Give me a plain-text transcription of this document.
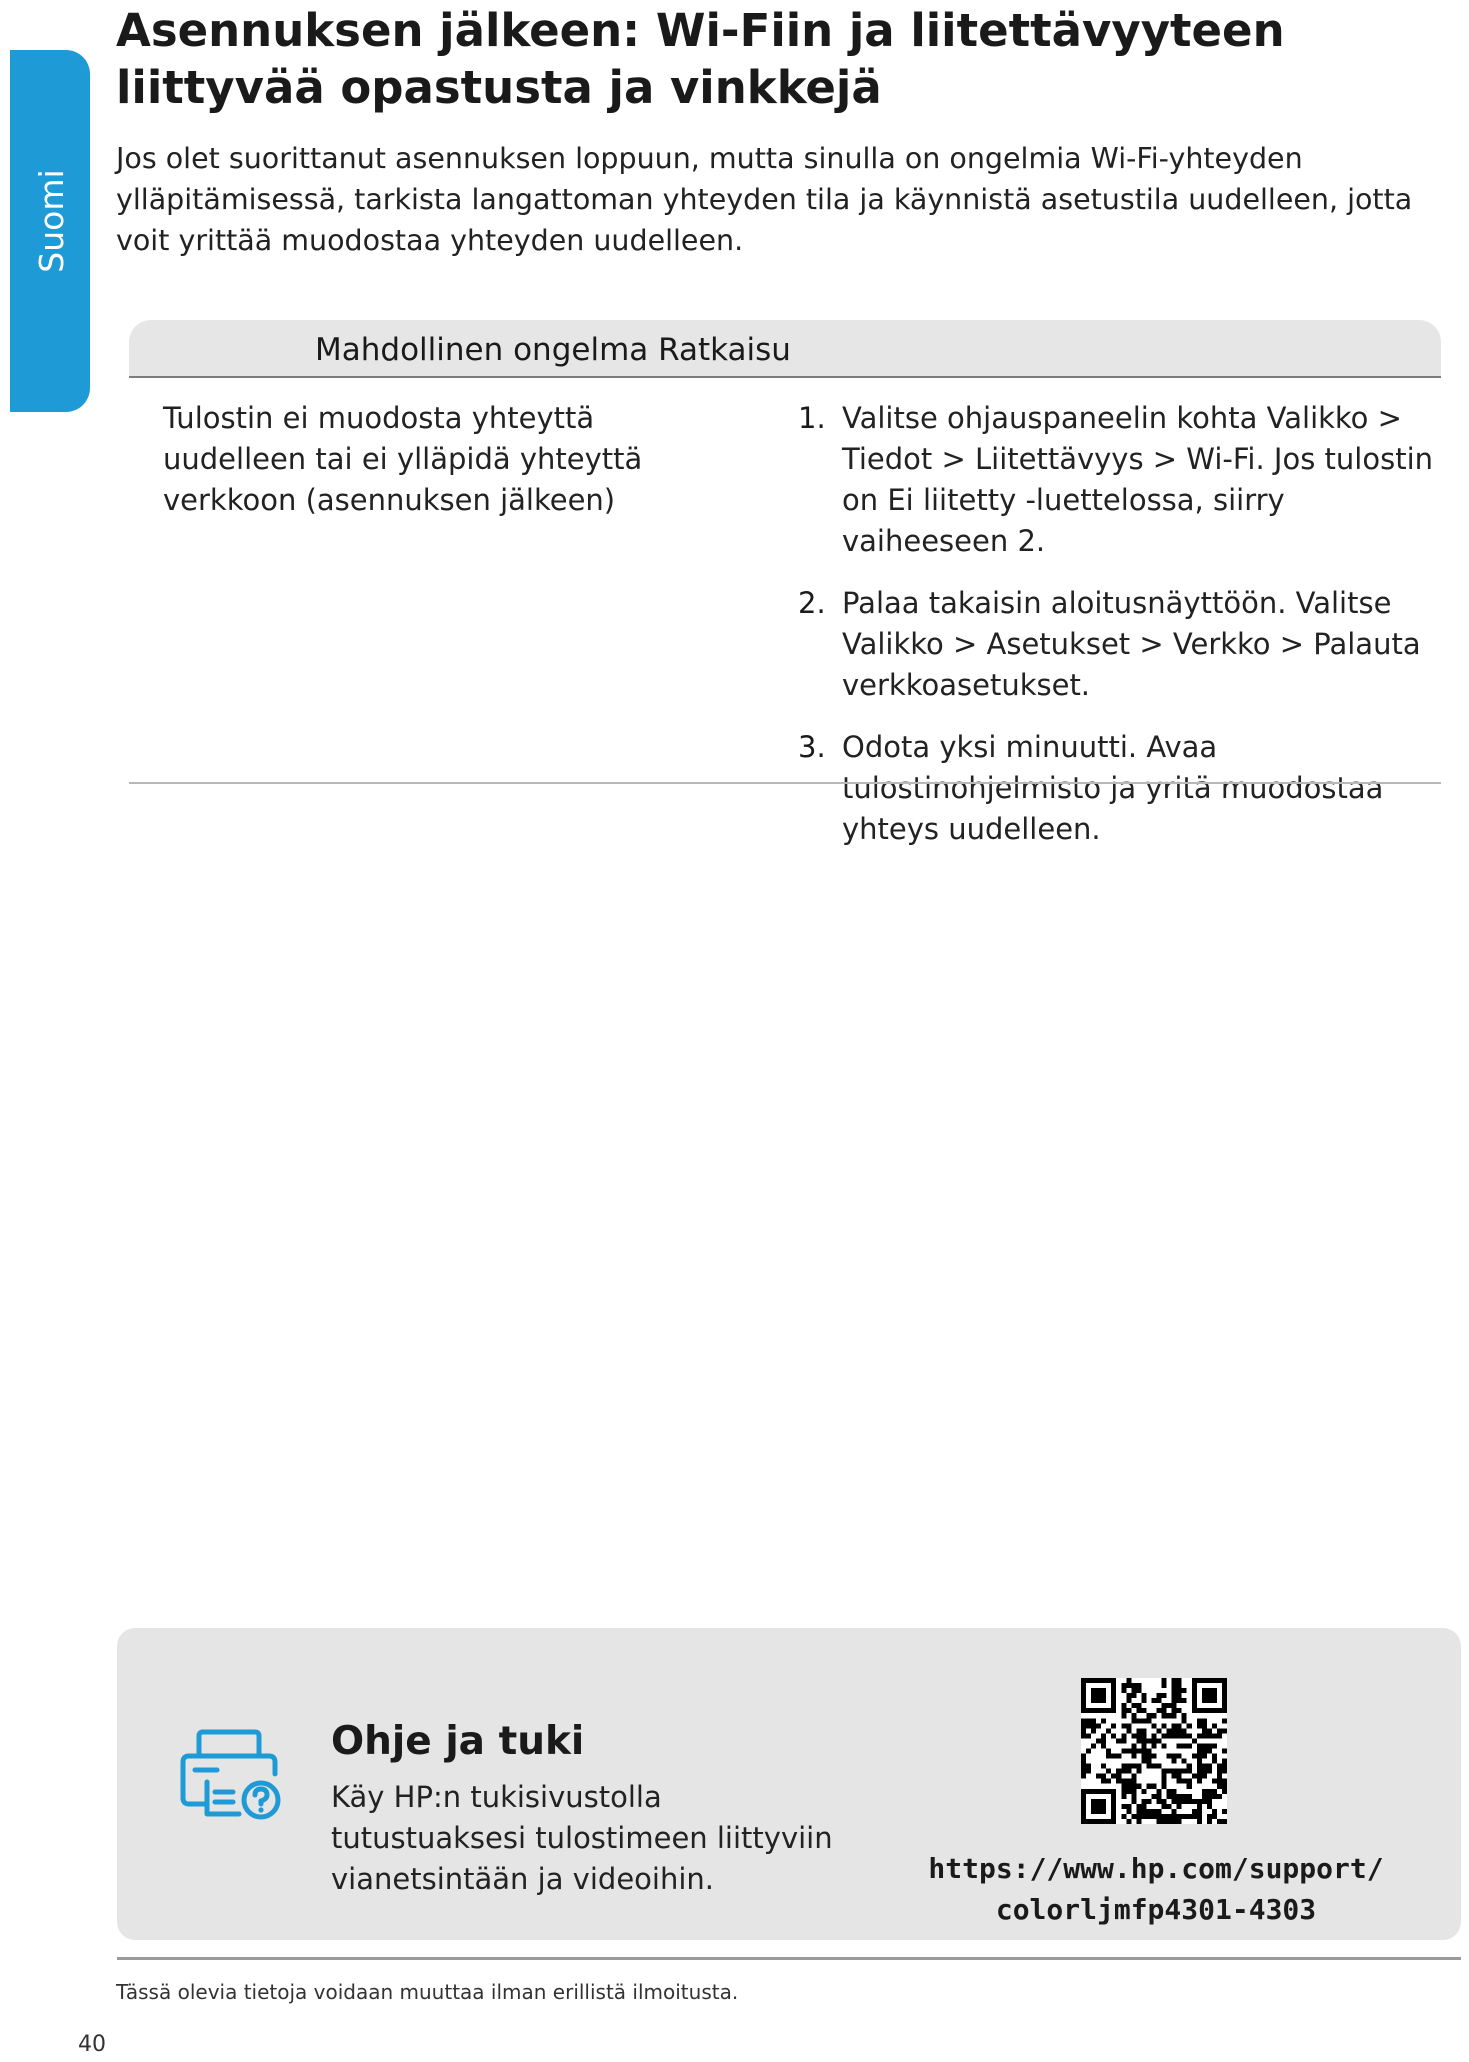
Suomi
Asennuksen jälkeen: Wi-Fiin ja liitettävyyteen liittyvää opastusta ja vinkkejä

Jos olet suorittanut asennuksen loppuun, mutta sinulla on ongelmia Wi-Fi-yhteyden ylläpitämisessä, tarkista langattoman yhteyden tila ja käynnistä asetustila uudelleen, jotta voit yrittää muodostaa yhteyden uudelleen.

Mahdollinen ongelma Ratkaisu

Tulostin ei muodosta yhteyttä uudelleen tai ei ylläpidä yhteyttä verkkoon (asennuksen jälkeen)

1. Valitse ohjauspaneelin kohta Valikko > Tiedot > Liitettävyys > Wi-Fi. Jos tulostin on Ei liitetty -luettelossa, siirry vaiheeseen 2.
2. Palaa takaisin aloitusnäyttöön. Valitse Valikko > Asetukset > Verkko > Palauta verkkoasetukset.
3. Odota yksi minuutti. Avaa tulostinohjelmisto ja yritä muodostaa yhteys uudelleen.
Ohje ja tuki

Käy HP:n tukisivustolla tutustuaksesi tulostimeen liittyviin vianetsintään ja videoihin.	https://www.hp.com/support/
colorljmfp4301-4303

Tässä olevia tietoja voidaan muuttaa ilman erillistä ilmoitusta.

40
